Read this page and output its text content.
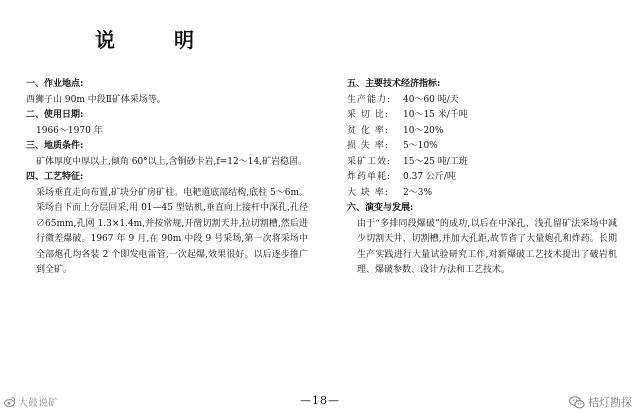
说 明
一、作业地点:
西狮子山 90m 中段Ⅱ矿体采场等。
二、使用日期:
1966～1970 年
三、地质条件:
矿体厚度中厚以上,倾角 60°以上,含铜砂卡岩,f=12～14,矿岩稳固。
四、工艺特征:
采场垂直走向布置,矿块分矿房矿柱。电耙道底部结构,底柱 5～6m。采场自下而上分层回采,用 01—45 型钻机,垂直向上接杆中深孔,孔径∅65mm,孔网 1.3×1.4m,并按常规,开凿切割天井,拉切割槽,然后进行微差爆破。1967 年 9 月,在 90m 中段 9 号采场,第一次将采场中全部炮孔均各装 2 个即发电雷管,一次起爆,效果很好。以后逐步推广到全矿。
五、主要技术经济指标:
生产能力:	40～60 吨/天
采 切 比:	10～15 米/千吨
贫 化 率:	10～20%
损 失 率:	5～10%
采矿工效:	15～25 吨/工班
炸药单耗:	0.37 公斤/吨
大 块 率:	2～3%
六、演变与发展:
由于“多排同段爆破”的成功,以后在中深孔、浅孔留矿法采场中减少切割天井、切割槽,并加大孔距,故节省了大量炮孔和炸药。长期生产实践进行大量试验研究工作,对新爆破工艺技术提出了破岩机理、爆破参数、设计方法和工艺技术。
大鼓说矿	—18—	桔灯勘探
